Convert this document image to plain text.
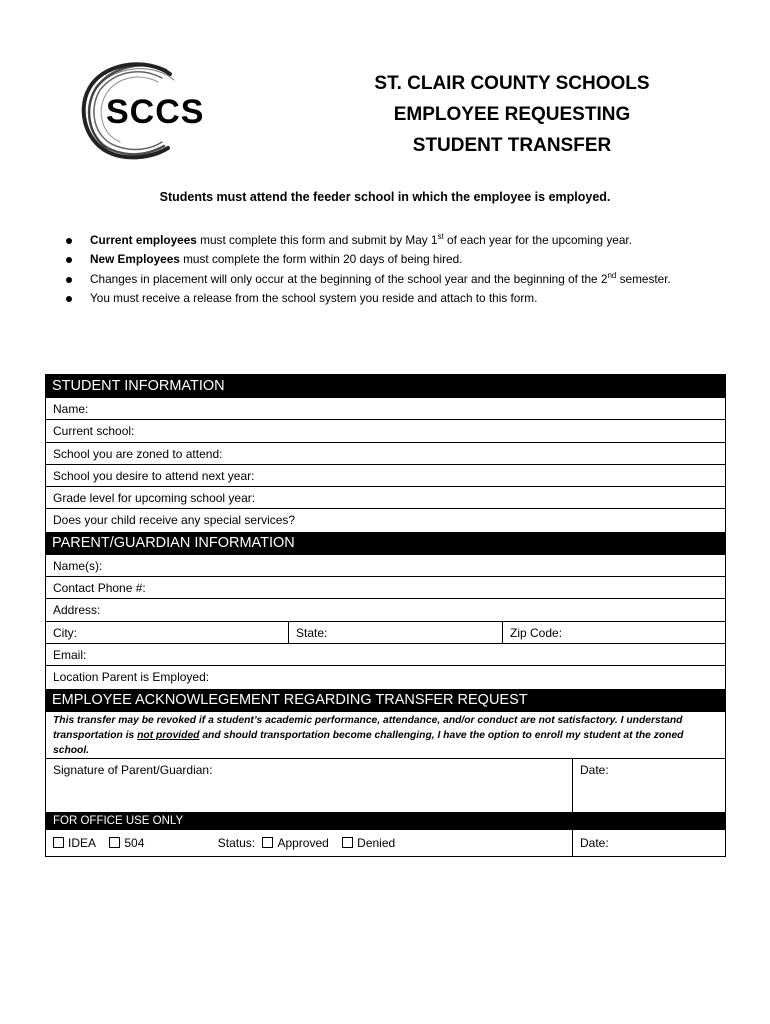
SCCS
ST. CLAIR COUNTY SCHOOLS
EMPLOYEE REQUESTING
STUDENT TRANSFER
Students must attend the feeder school in which the employee is employed.
Current employees must complete this form and submit by May 1st of each year for the upcoming year.
New Employees must complete the form within 20 days of being hired.
Changes in placement will only occur at the beginning of the school year and the beginning of the 2nd semester.
You must receive a release from the school system you reside and attach to this form.
STUDENT INFORMATION
Name:
Current school:
School you are zoned to attend:
School you desire to attend next year:
Grade level for upcoming school year:
Does your child receive any special services?
PARENT/GUARDIAN INFORMATION
Name(s):
Contact Phone #:
Address:
City:	State:	Zip Code:
Email:
Location Parent is Employed:
EMPLOYEE ACKNOWLEGEMENT REGARDING TRANSFER REQUEST
This transfer may be revoked if a student’s academic performance, attendance, and/or conduct are not satisfactory. I understand transportation is not provided and should transportation become challenging, I have the option to enroll my student at the zoned school.
Signature of Parent/Guardian:	Date:
FOR OFFICE USE ONLY
IDEA 504	Status: Approved Denied	Date:
